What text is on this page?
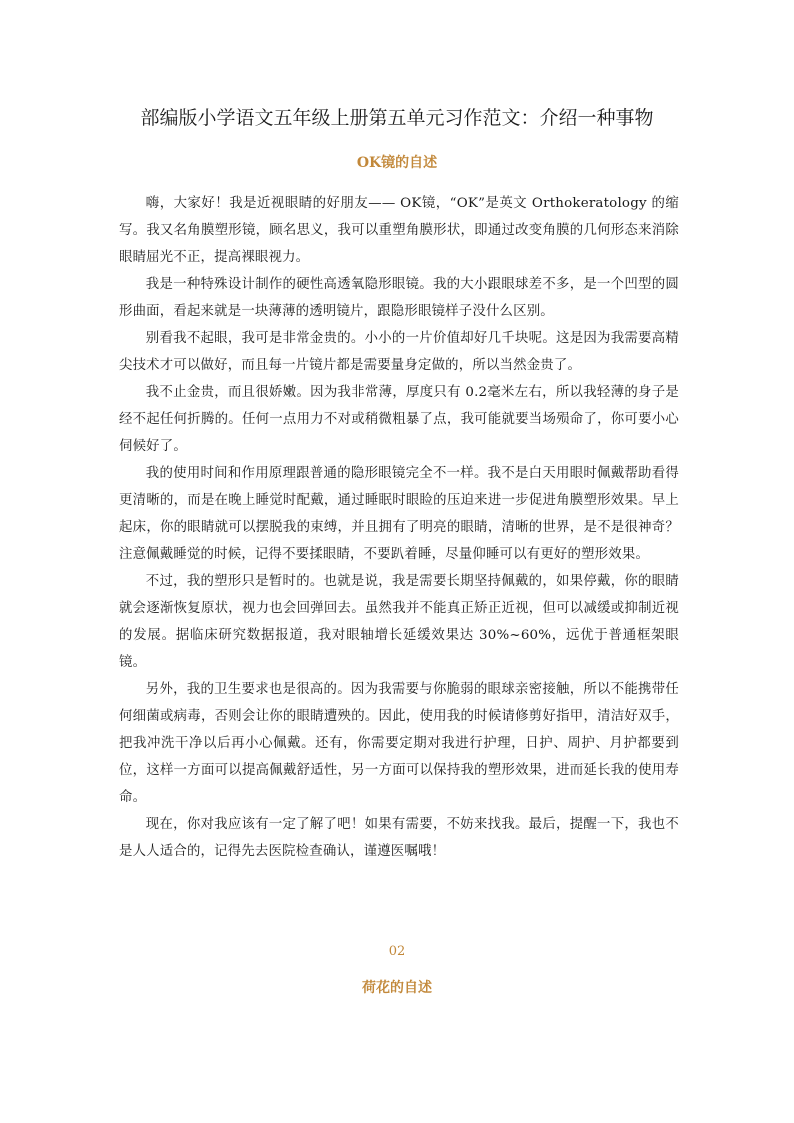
部编版小学语文五年级上册第五单元习作范文：介绍一种事物
OK镜的自述

嗨，大家好！我是近视眼睛的好朋友—— OK镜，“OK”是英文 Orthokeratology 的缩写。我又名角膜塑形镜，顾名思义，我可以重塑角膜形状，即通过改变角膜的几何形态来消除眼睛屈光不正，提高裸眼视力。

我是一种特殊设计制作的硬性高透氧隐形眼镜。我的大小跟眼球差不多，是一个凹型的圆形曲面，看起来就是一块薄薄的透明镜片，跟隐形眼镜样子没什么区别。

别看我不起眼，我可是非常金贵的。小小的一片价值却好几千块呢。这是因为我需要高精尖技术才可以做好，而且每一片镜片都是需要量身定做的，所以当然金贵了。

我不止金贵，而且很娇嫩。因为我非常薄，厚度只有 0.2毫米左右，所以我轻薄的身子是经不起任何折腾的。任何一点用力不对或稍微粗暴了点，我可能就要当场殒命了，你可要小心伺候好了。

我的使用时间和作用原理跟普通的隐形眼镜完全不一样。我不是白天用眼时佩戴帮助看得更清晰的，而是在晚上睡觉时配戴，通过睡眠时眼睑的压迫来进一步促进角膜塑形效果。早上起床，你的眼睛就可以摆脱我的束缚，并且拥有了明亮的眼睛，清晰的世界，是不是很神奇？注意佩戴睡觉的时候，记得不要揉眼睛，不要趴着睡，尽量仰睡可以有更好的塑形效果。

不过，我的塑形只是暂时的。也就是说，我是需要长期坚持佩戴的，如果停戴，你的眼睛就会逐渐恢复原状，视力也会回弹回去。虽然我并不能真正矫正近视，但可以减缓或抑制近视的发展。据临床研究数据报道，我对眼轴增长延缓效果达 30%~60%，远优于普通框架眼镜。

另外，我的卫生要求也是很高的。因为我需要与你脆弱的眼球亲密接触，所以不能携带任何细菌或病毒，否则会让你的眼睛遭殃的。因此，使用我的时候请修剪好指甲，清洁好双手，把我冲洗干净以后再小心佩戴。还有，你需要定期对我进行护理，日护、周护、月护都要到位，这样一方面可以提高佩戴舒适性，另一方面可以保持我的塑形效果，进而延长我的使用寿命。

现在，你对我应该有一定了解了吧！如果有需要，不妨来找我。最后，提醒一下，我也不是人人适合的，记得先去医院检查确认，谨遵医嘱哦！

02
荷花的自述
